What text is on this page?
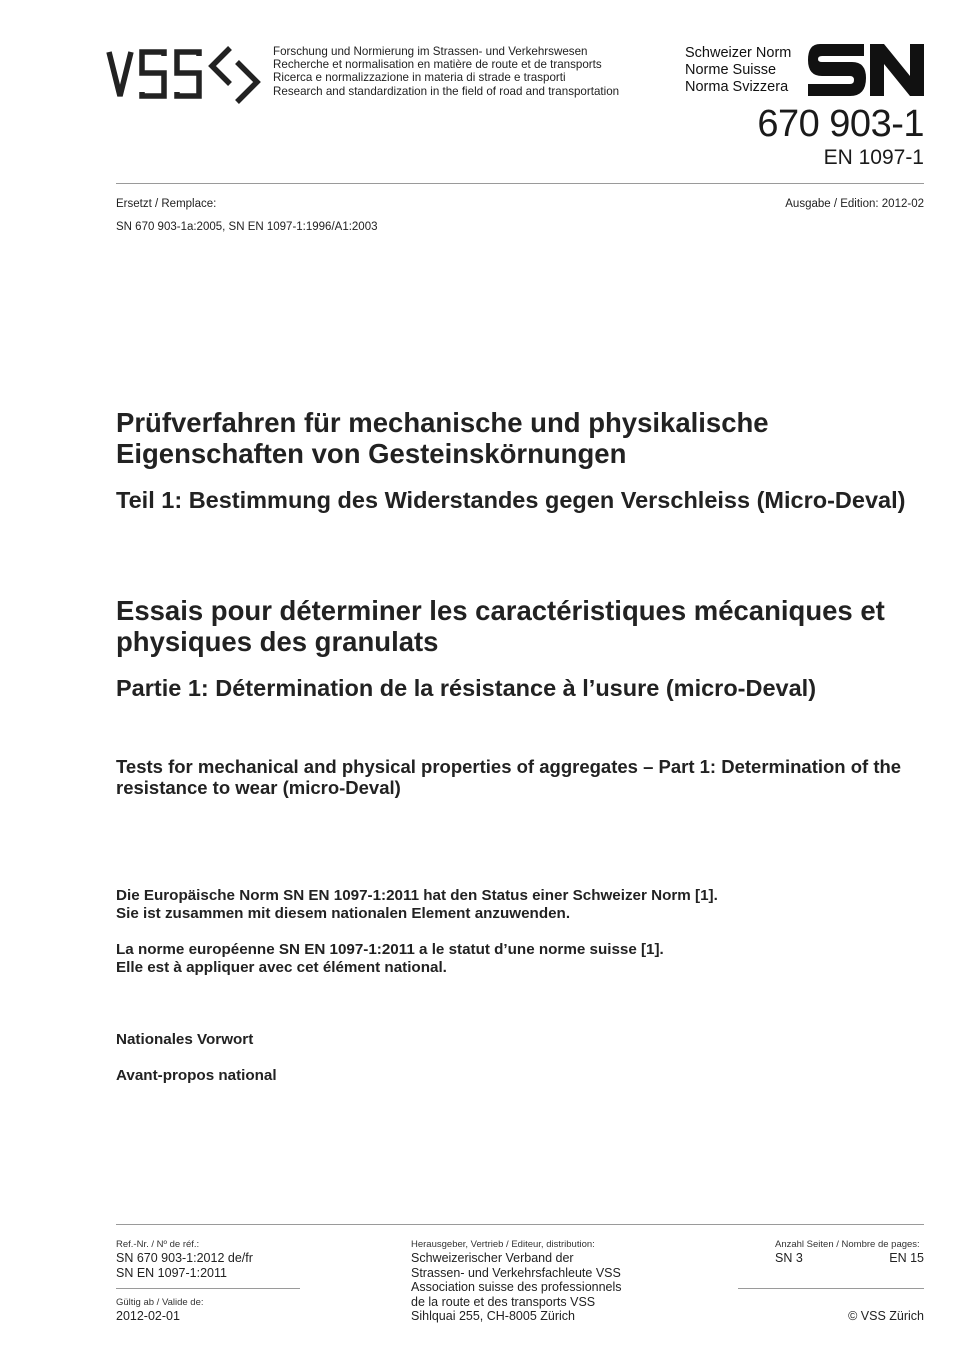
Forschung und Normierung im Strassen- und Verkehrswesen
Recherche et normalisation en matière de route et de transports
Ricerca e normalizzazione in materia di strade e trasporti
Research and standardization in the field of road and transportation
Schweizer Norm
Norme Suisse
Norma Svizzera
670 903-1
EN 1097-1
Ersetzt / Remplace:	Ausgabe / Edition: 2012-02
SN 670 903-1a:2005, SN EN 1097-1:1996/A1:2003
Prüfverfahren für mechanische und physikalische Eigenschaften von Gesteinskörnungen
Teil 1: Bestimmung des Widerstandes gegen Verschleiss (Micro-Deval)
Essais pour déterminer les caractéristiques mécaniques et physiques des granulats
Partie 1: Détermination de la résistance à l’usure (micro-Deval)
Tests for mechanical and physical properties of aggregates – Part 1: Determination of the resistance to wear (micro-Deval)
Die Europäische Norm SN EN 1097-1:2011 hat den Status einer Schweizer Norm [1].
Sie ist zusammen mit diesem nationalen Element anzuwenden.
La norme européenne SN EN 1097-1:2011 a le statut d’une norme suisse [1].
Elle est à appliquer avec cet élément national.
Nationales Vorwort
Avant-propos national
Ref.-Nr. / Nº de réf.:
SN 670 903-1:2012 de/fr
SN EN 1097-1:2011
Gültig ab / Valide de:
2012-02-01
Herausgeber, Vertrieb / Editeur, distribution:
Schweizerischer Verband der
Strassen- und Verkehrsfachleute VSS
Association suisse des professionnels
de la route et des transports VSS
Sihlquai 255, CH-8005 Zürich
Anzahl Seiten / Nombre de pages:
SN 3	EN 15
© VSS Zürich
